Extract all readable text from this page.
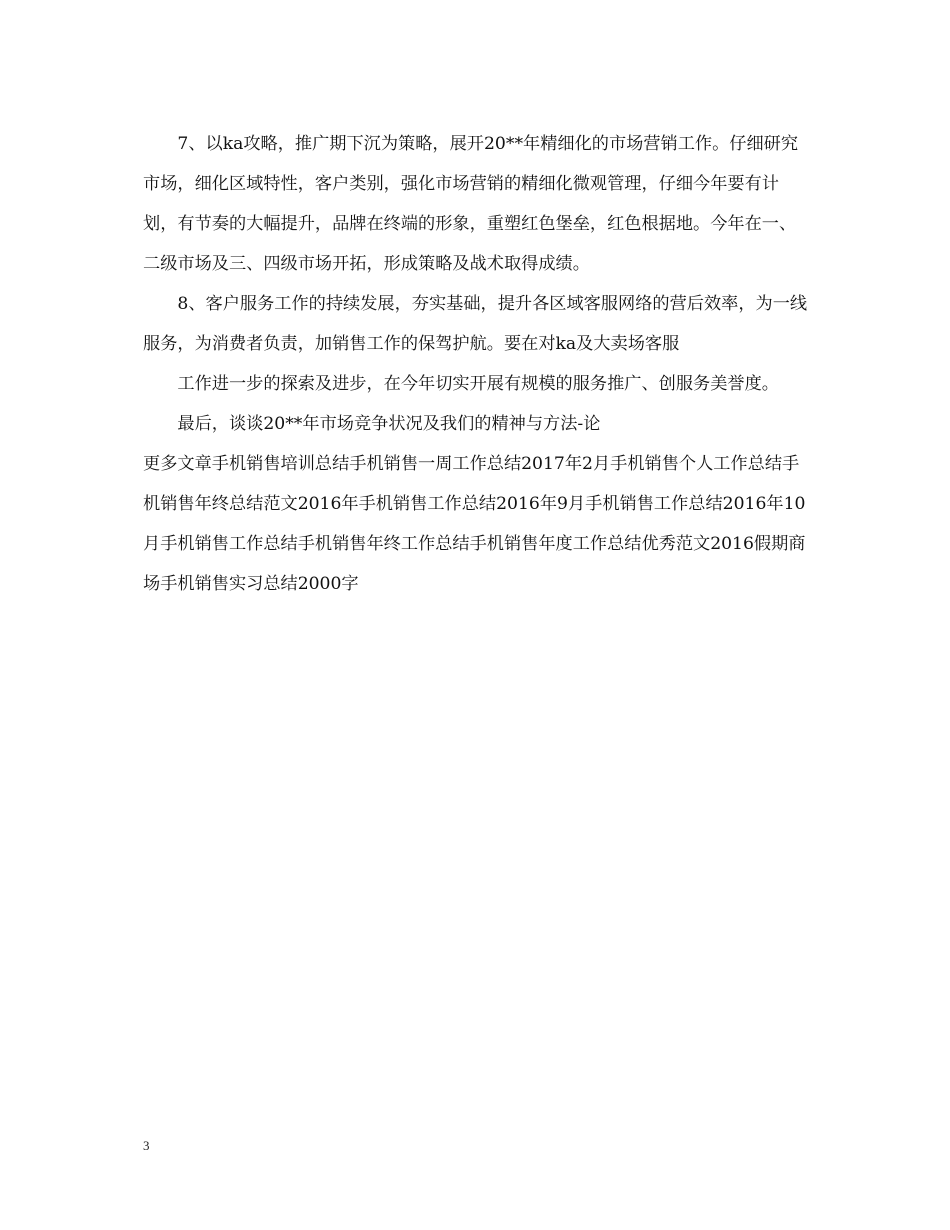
7、以ka攻略，推广期下沉为策略，展开20**年精细化的市场营销工作。仔细研究市场，细化区域特性，客户类别，强化市场营销的精细化微观管理，仔细今年要有计划，有节奏的大幅提升，品牌在终端的形象，重塑红色堡垒，红色根据地。今年在一、二级市场及三、四级市场开拓，形成策略及战术取得成绩。

8、客户服务工作的持续发展，夯实基础，提升各区域客服网络的营后效率，为一线服务，为消费者负责，加销售工作的保驾护航。要在对ka及大卖场客服

工作进一步的探索及进步，在今年切实开展有规模的服务推广、创服务美誉度。

最后，谈谈20**年市场竞争状况及我们的精神与方法-论

更多文章手机销售培训总结手机销售一周工作总结2017年2月手机销售个人工作总结手机销售年终总结范文2016年手机销售工作总结2016年9月手机销售工作总结2016年10月手机销售工作总结手机销售年终工作总结手机销售年度工作总结优秀范文2016假期商场手机销售实习总结2000字

3
